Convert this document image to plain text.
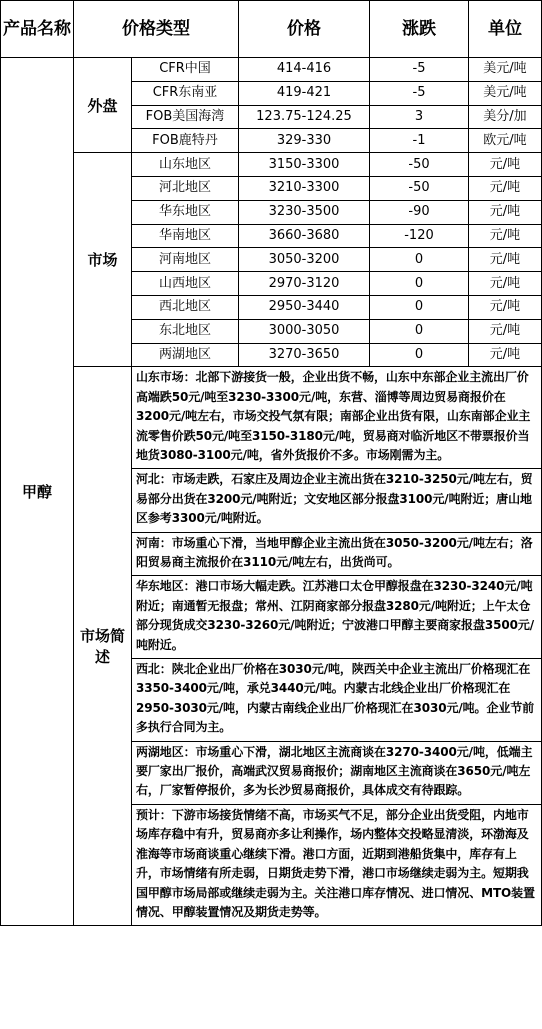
产品名称	价格类型		价格	涨跌	单位
甲醇	外盘	CFR中国	414-416	-5	美元/吨
		CFR东南亚	419-421	-5	美元/吨
		FOB美国海湾	123.75-124.25	3	美分/加
		FOB鹿特丹	329-330	-1	欧元/吨
	市场	山东地区	3150-3300	-50	元/吨
		河北地区	3210-3300	-50	元/吨
		华东地区	3230-3500	-90	元/吨
		华南地区	3660-3680	-120	元/吨
		河南地区	3050-3200	0	元/吨
		山西地区	2970-3120	0	元/吨
		西北地区	2950-3440	0	元/吨
		东北地区	3000-3050	0	元/吨
		两湖地区	3270-3650	0	元/吨
	市场简述	山东市场：北部下游接货一般，企业出货不畅，山东中东部企业主流出厂价高端跌50元/吨至3230-3300元/吨，东营、淄博等周边贸易商报价在3200元/吨左右，市场交投气氛有限；南部企业出货有限，山东南部企业主流零售价跌50元/吨至3150-3180元/吨，贸易商对临沂地区不带票报价当地货3080-3100元/吨，省外货报价不多。市场刚需为主。			
		河北：市场走跌，石家庄及周边企业主流出货在3210-3250元/吨左右，贸易部分出货在3200元/吨附近；文安地区部分报盘3100元/吨附近；唐山地区参考3300元/吨附近。			
		河南：市场重心下滑，当地甲醇企业主流出货在3050-3200元/吨左右；洛阳贸易商主流报价在3110元/吨左右，出货尚可。			
		华东地区：港口市场大幅走跌。江苏港口太仓甲醇报盘在3230-3240元/吨附近；南通暂无报盘；常州、江阴商家部分报盘3280元/吨附近；上午太仓部分现货成交3230-3260元/吨附近；宁波港口甲醇主要商家报盘3500元/吨附近。			
		西北：陕北企业出厂价格在3030元/吨，陕西关中企业主流出厂价格现汇在3350-3400元/吨，承兑3440元/吨。内蒙古北线企业出厂价格现汇在2950-3030元/吨，内蒙古南线企业出厂价格现汇在3030元/吨。企业节前多执行合同为主。			
		两湖地区：市场重心下滑，湖北地区主流商谈在3270-3400元/吨，低端主要厂家出厂报价，高端武汉贸易商报价；湖南地区主流商谈在3650元/吨左右，厂家暂停报价，多为长沙贸易商报价，具体成交有待跟踪。			
		预计：下游市场接货情绪不高，市场买气不足，部分企业出货受阻，内地市场库存稳中有升，贸易商亦多让利操作，场内整体交投略显清淡，环渤海及淮海等市场商谈重心继续下滑。港口方面，近期到港船货集中，库存有上升，市场情绪有所走弱，日期货走势下滑，港口市场继续走弱为主。短期我国甲醇市场局部或继续走弱为主。关注港口库存情况、进口情况、MTO装置情况、甲醇装置情况及期货走势等。			
